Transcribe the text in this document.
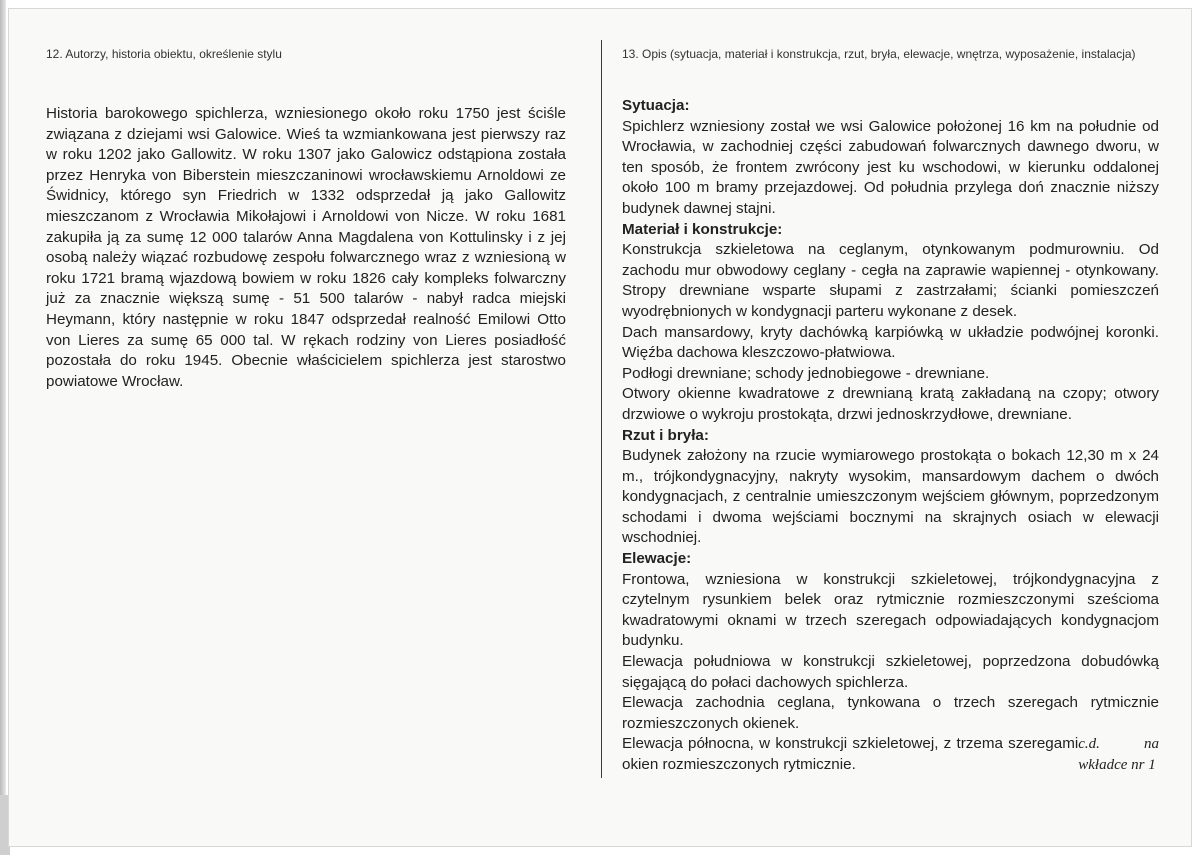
12. Autorzy, historia obiektu, określenie stylu	13. Opis (sytuacja, materiał i konstrukcja, rzut, bryła, elewacje, wnętrza, wyposażenie, instalacja)

Historia barokowego spichlerza, wzniesionego około roku 1750 jest ściśle związana z dziejami wsi Galowice. Wieś ta wzmiankowana jest pierwszy raz w roku 1202 jako Gallowitz. W roku 1307 jako Galowicz odstąpiona została przez Henryka von Biberstein mieszczaninowi wrocławskiemu Arnoldowi ze Świdnicy, którego syn Friedrich w 1332 odsprzedał ją jako Gallowitz mieszczanom z Wrocławia Mikołajowi i Arnoldowi von Nicze. W roku 1681 zakupiła ją za sumę 12 000 talarów Anna Magdalena von Kottulinsky i z jej osobą należy wiązać rozbudowę zespołu folwarcznego wraz z wzniesioną w roku 1721 bramą wjazdową bowiem w roku 1826 cały kompleks folwarczny już za znacznie większą sumę - 51 500 talarów - nabył radca miejski Heymann, który następnie w roku 1847 odsprzedał realność Emilowi Otto von Lieres za sumę 65 000 tal. W rękach rodziny von Lieres posiadłość pozostała do roku 1945. Obecnie właścicielem spichlerza jest starostwo powiatowe Wrocław.

Sytuacja:

Spichlerz wzniesiony został we wsi Galowice położonej 16 km na południe od Wrocławia, w zachodniej części zabudowań folwarcznych dawnego dworu, w ten sposób, że frontem zwrócony jest ku wschodowi, w kierunku oddalonej około 100 m bramy przejazdowej. Od południa przylega doń znacznie niższy budynek dawnej stajni.

Materiał i konstrukcje:

Konstrukcja szkieletowa na ceglanym, otynkowanym podmurowniu. Od zachodu mur obwodowy ceglany - cegła na zaprawie wapiennej - otynkowany. Stropy drewniane wsparte słupami z zastrzałami; ścianki pomieszczeń wyodrębnionych w kondygnacji parteru wykonane z desek.

Dach mansardowy, kryty dachówką karpiówką w układzie podwójnej koronki. Więźba dachowa kleszczowo-płatwiowa.

Podłogi drewniane; schody jednobiegowe - drewniane.

Otwory okienne kwadratowe z drewnianą kratą zakładaną na czopy; otwory drzwiowe o wykroju prostokąta, drzwi jednoskrzydłowe, drewniane.

Rzut i bryła:

Budynek założony na rzucie wymiarowego prostokąta o bokach 12,30 m x 24 m., trójkondygnacyjny, nakryty wysokim, mansardowym dachem o dwóch kondygnacjach, z centralnie umieszczonym wejściem głównym, poprzedzonym schodami i dwoma wejściami bocznymi na skrajnych osiach w elewacji wschodniej.

Elewacje:

Frontowa, wzniesiona w konstrukcji szkieletowej, trójkondygnacyjna z czytelnym rysunkiem belek oraz rytmicznie rozmieszczonymi sześcioma kwadratowymi oknami w trzech szeregach odpowiadających kondygnacjom budynku.

Elewacja południowa w konstrukcji szkieletowej, poprzedzona dobudówką sięgającą do połaci dachowych spichlerza.

Elewacja zachodnia ceglana, tynkowana o trzech szeregach rytmicznie rozmieszczonych okienek.

Elewacja północna, w konstrukcji szkieletowej, z trzema szeregami okien rozmieszczonych rytmicznie.
c.d. na wkładce nr 1
